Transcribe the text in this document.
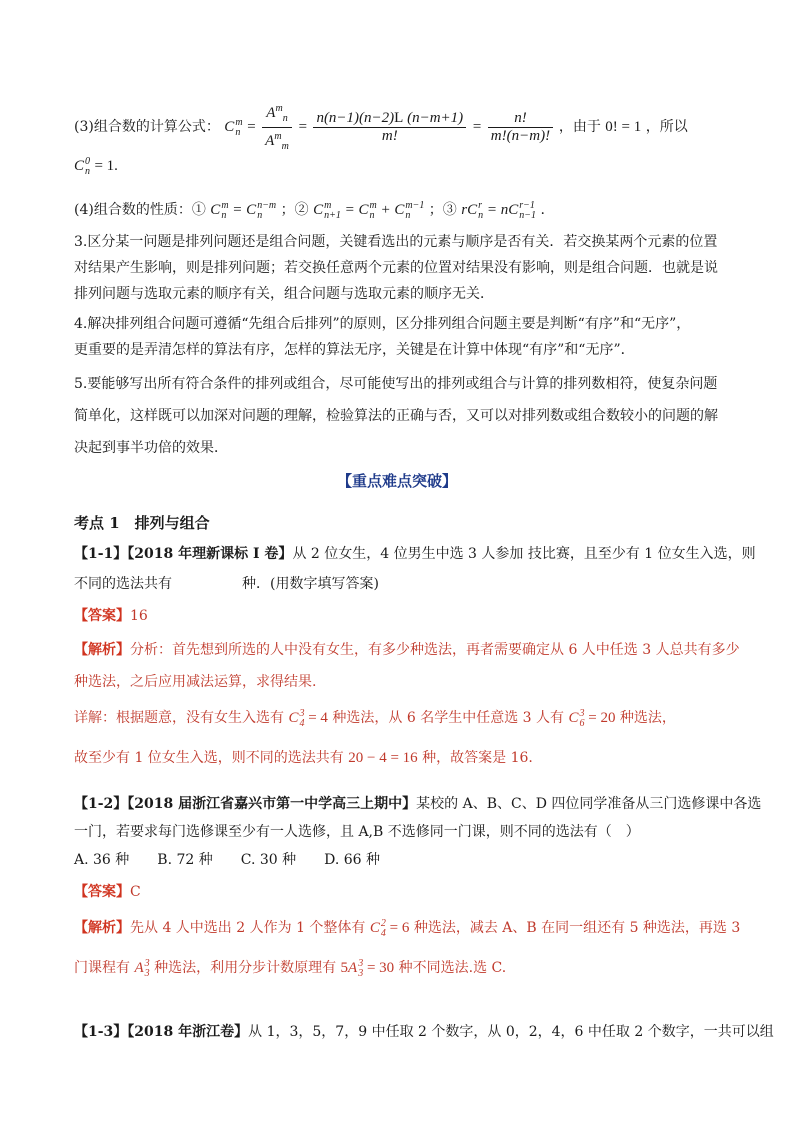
(3)组合数的计算公式： C m
$n = \frac{A^m_n}{A^m_m} = \frac{n(n-1)(n-2)L (n-m+1)}{m!} = \frac{n!}{m!(n-m)!}$ ，由于 0! = 1 ，所以
C 0
n = 1.
(4)组合数的性质：① C m
n = C n−m
n	；② C m
n+1 = C m
n + C m−1
n	；③ rC r
n = nC r−1
n−1 .
3.区分某一问题是排列问题还是组合问题，关键看选出的元素与顺序是否有关．若交换某两个元素的位置
对结果产生影响，则是排列问题；若交换任意两个元素的位置对结果没有影响，则是组合问题．也就是说
排列问题与选取元素的顺序有关，组合问题与选取元素的顺序无关．
4.解决排列组合问题可遵循“先组合后排列”的原则，区分排列组合问题主要是判断“有序”和“无序”，
更重要的是弄清怎样的算法有序，怎样的算法无序，关键是在计算中体现“有序”和“无序”．
5.要能够写出所有符合条件的排列或组合，尽可能使写出的排列或组合与计算的排列数相符，使复杂问题
简单化，这样既可以加深对问题的理解，检验算法的正确与否，又可以对排列数或组合数较小的问题的解
决起到事半功倍的效果．
【重点难点突破】
考点 1　排列与组合
【1-1】【2018 年理新课标 I 卷】从 2 位女生，4 位男生中选 3 人参加 技比赛，且至少有 1 位女生入选，则
不同的选法共有　　　　　种．(用数字填写答案)
【答案】16
【解析】分析：首先想到所选的人中没有女生，有多少种选法，再者需要确定从 6 人中任选 3 人总共有多少
种选法，之后应用减法运算，求得结果.
详解：根据题意，没有女生入选有 C 3
4 = 4 种选法，从 6 名学生中任意选 3 人有 C 3
6 = 20 种选法，
故至少有 1 位女生入选，则不同的选法共有 20 − 4 = 16 种，故答案是 16.
【1-2】【2018 届浙江省嘉兴市第一中学高三上期中】某校的 A、B、C、D 四位同学准备从三门选修课中各选
一门，若要求每门选修课至少有一人选修，且 A,B 不选修同一门课，则不同的选法有（　）
A. 36 种　　B. 72 种　　C. 30 种　　D. 66 种
【答案】C
【解析】先从 4 人中选出 2 人作为 1 个整体有 C 2
4 = 6 种选法，减去 A、B 在同一组还有 5 种选法，再选 3
门课程有 A 3
3 种选法，利用分步计数原理有 5A 3
3 = 30 种不同选法.选 C.
【1-3】【2018 年浙江卷】从 1，3，5，7，9 中任取 2 个数字，从 0，2，4，6 中任取 2 个数字，一共可以组
